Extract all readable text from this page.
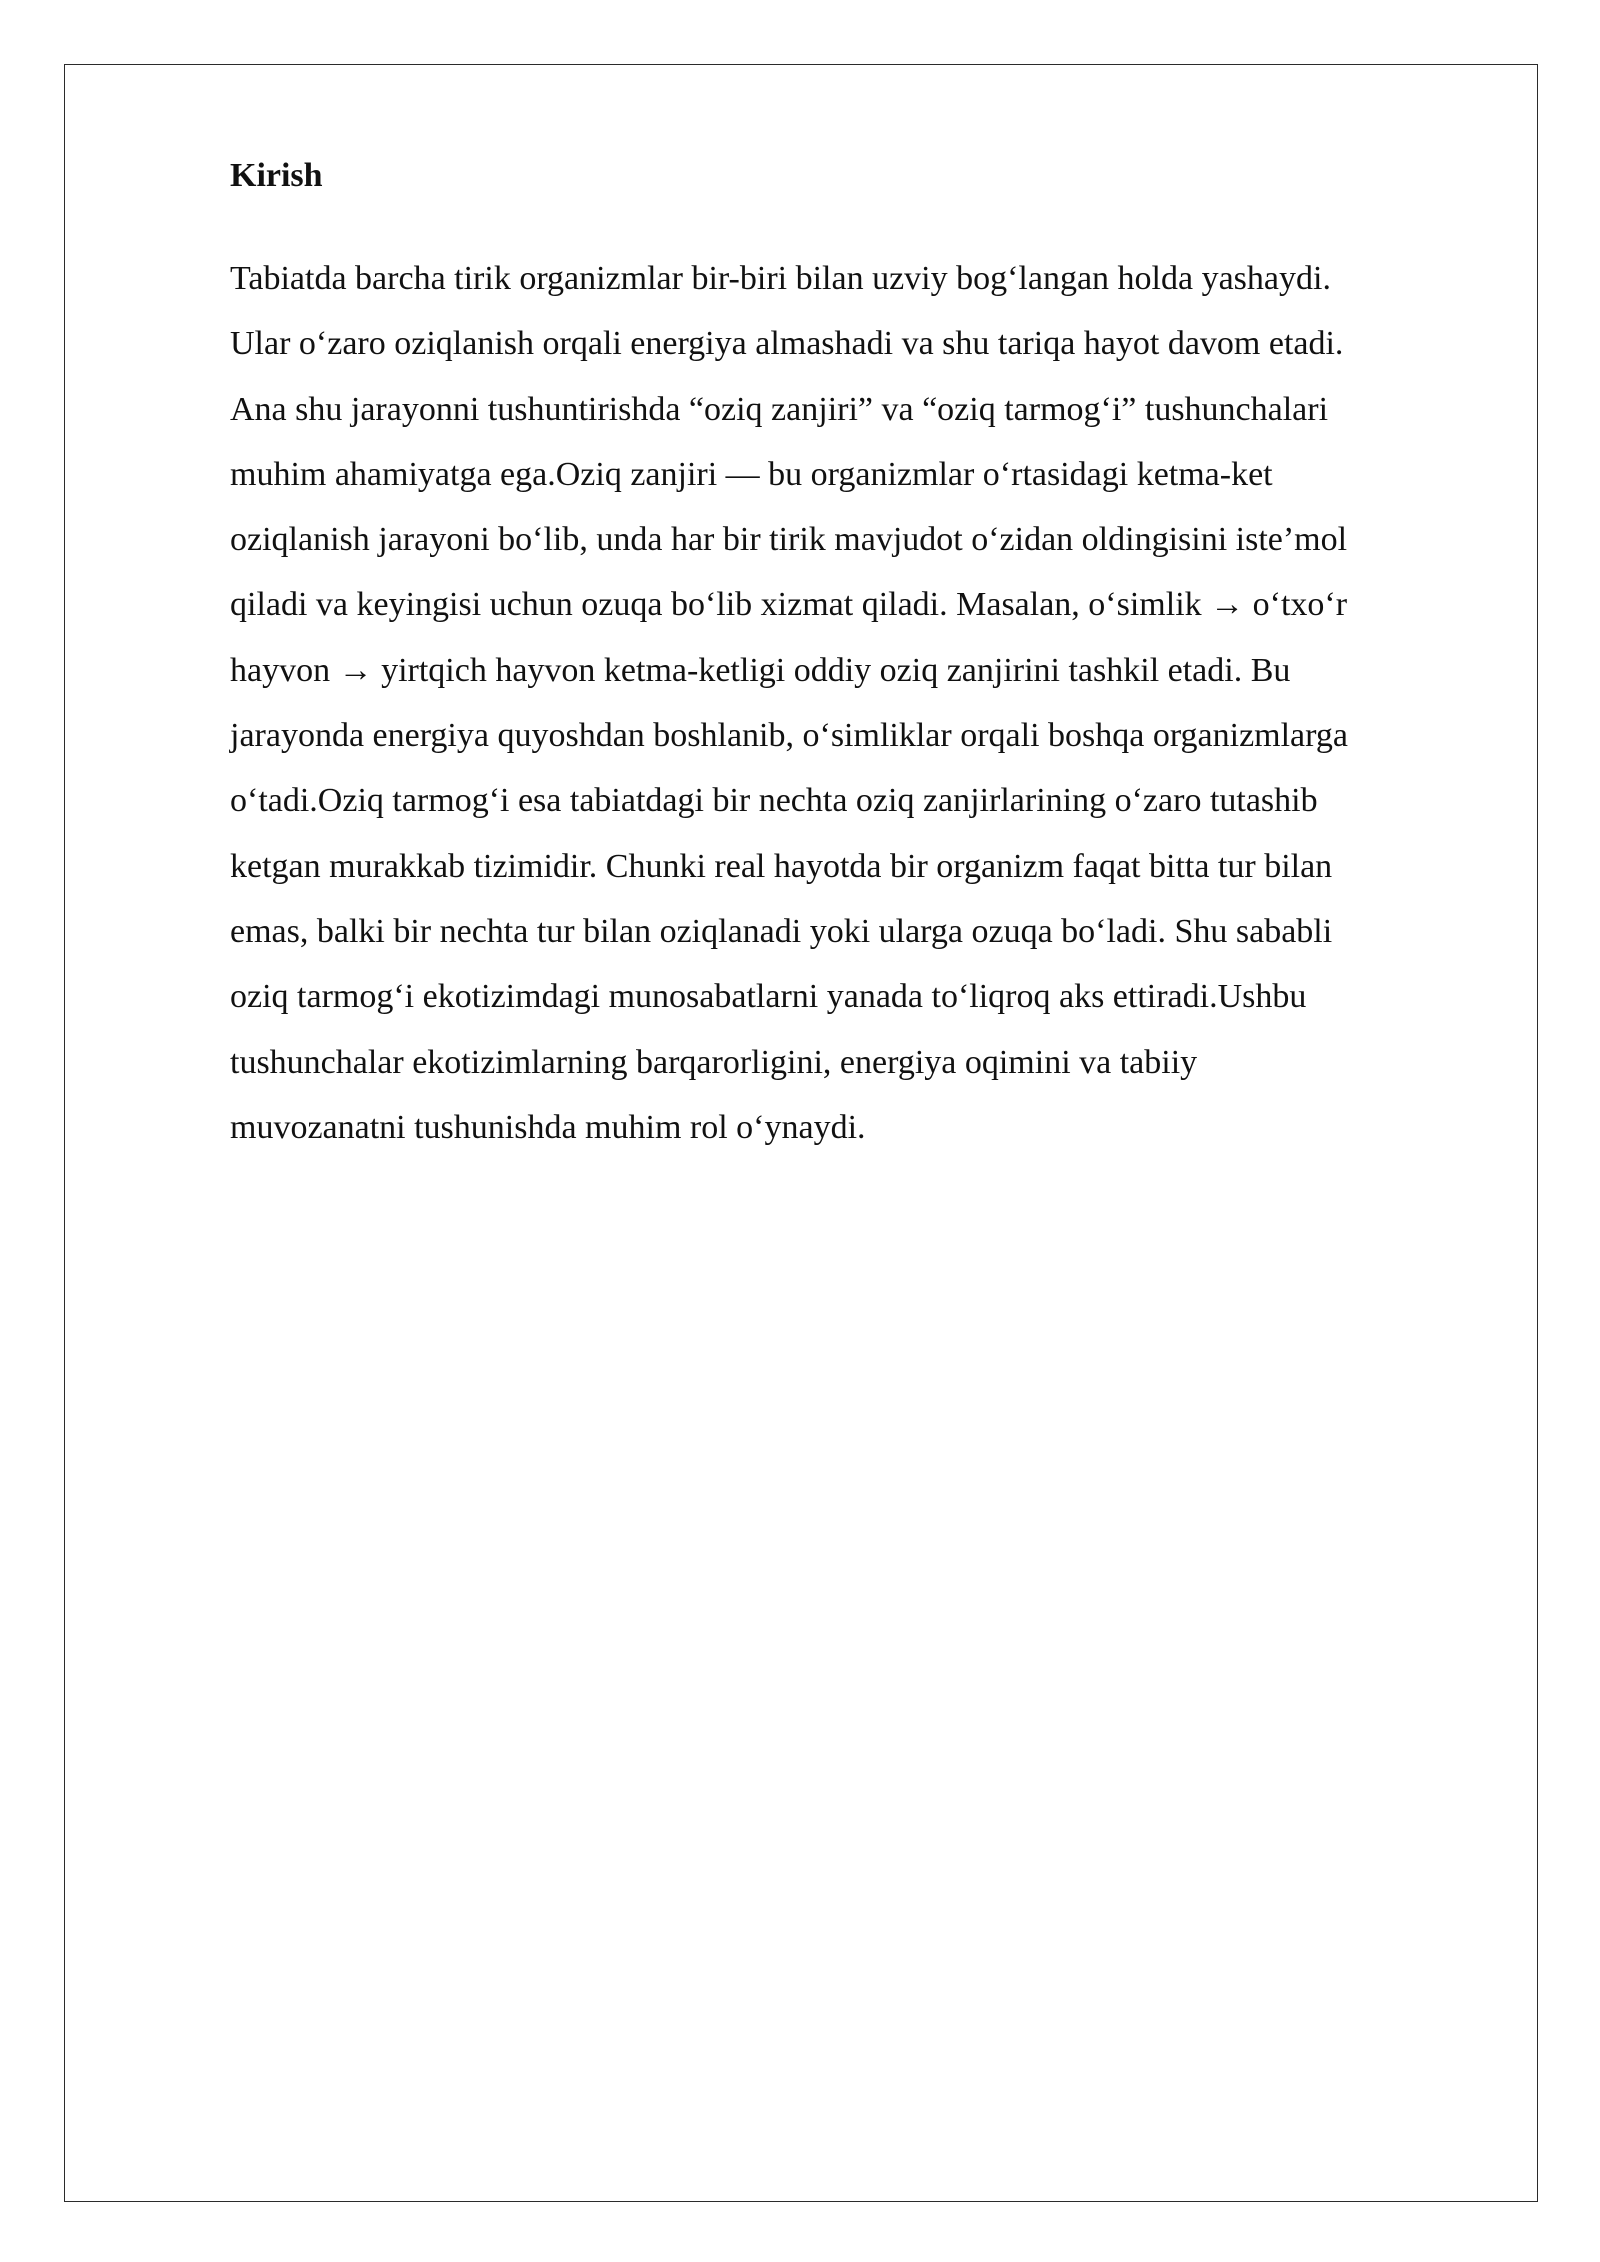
Kirish

Tabiatda barcha tirik organizmlar bir-biri bilan uzviy bog‘langan holda yashaydi.
Ular o‘zaro oziqlanish orqali energiya almashadi va shu tariqa hayot davom etadi.
Ana shu jarayonni tushuntirishda “oziq zanjiri” va “oziq tarmog‘i” tushunchalari
muhim ahamiyatga ega.Oziq zanjiri — bu organizmlar o‘rtasidagi ketma-ket
oziqlanish jarayoni bo‘lib, unda har bir tirik mavjudot o‘zidan oldingisini iste’mol
qiladi va keyingisi uchun ozuqa bo‘lib xizmat qiladi. Masalan, o‘simlik → o‘txo‘r
hayvon → yirtqich hayvon ketma-ketligi oddiy oziq zanjirini tashkil etadi. Bu
jarayonda energiya quyoshdan boshlanib, o‘simliklar orqali boshqa organizmlarga
o‘tadi.Oziq tarmog‘i esa tabiatdagi bir nechta oziq zanjirlarining o‘zaro tutashib
ketgan murakkab tizimidir. Chunki real hayotda bir organizm faqat bitta tur bilan
emas, balki bir nechta tur bilan oziqlanadi yoki ularga ozuqa bo‘ladi. Shu sababli
oziq tarmog‘i ekotizimdagi munosabatlarni yanada to‘liqroq aks ettiradi.Ushbu
tushunchalar ekotizimlarning barqarorligini, energiya oqimini va tabiiy
muvozanatni tushunishda muhim rol o‘ynaydi.
